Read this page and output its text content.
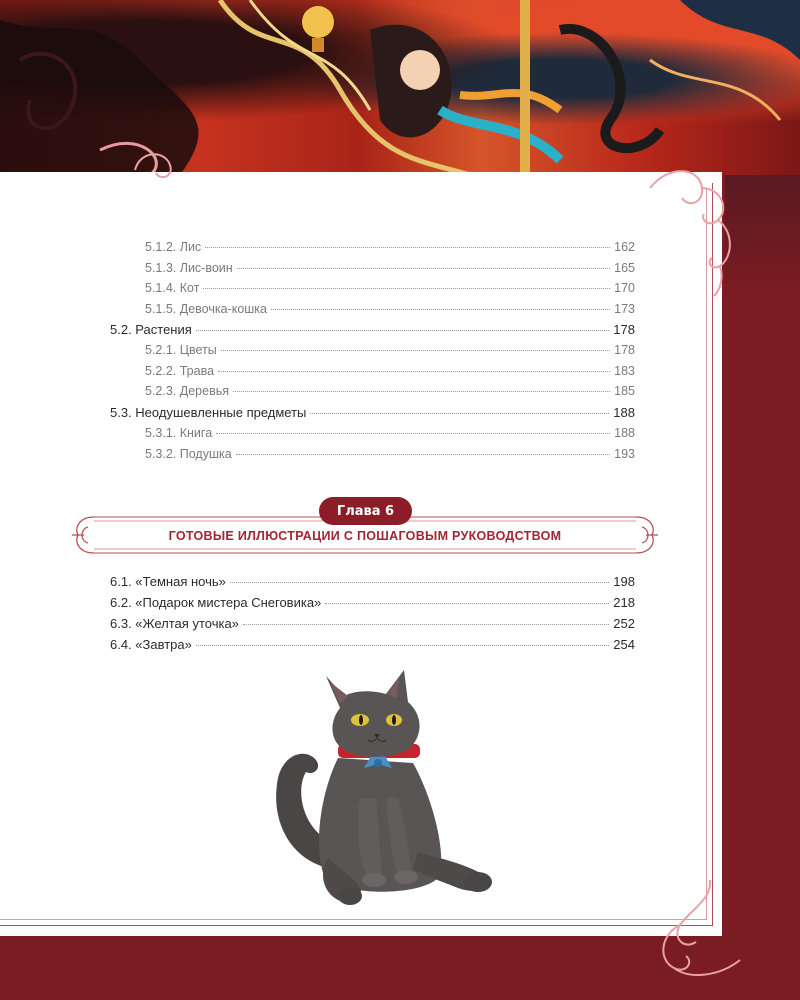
5.1.2. Лис	162
5.1.3. Лис-воин	165
5.1.4. Кот	170
5.1.5. Девочка-кошка	173
5.2. Растения	178
5.2.1. Цветы	178
5.2.2. Трава	183
5.2.3. Деревья	185
5.3. Неодушевленные предметы	188
5.3.1. Книга	188
5.3.2. Подушка	193
Глава 6
ГОТОВЫЕ ИЛЛЮСТРАЦИИ С ПОШАГОВЫМ РУКОВОДСТВОМ
6.1. «Темная ночь»	198
6.2. «Подарок мистера Снеговика»	218
6.3. «Желтая уточка»	252
6.4. «Завтра»	254
